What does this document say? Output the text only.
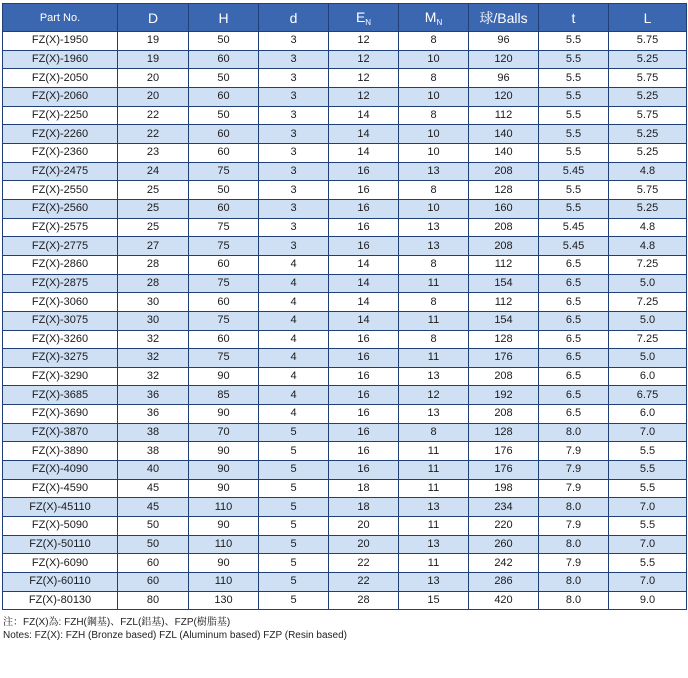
Part No.	D	H	d	$E_N$	$M_N$	球/Balls	t	L
FZ(X)-1950	19	50	3	12	8	96	5.5	5.75
FZ(X)-1960	19	60	3	12	10	120	5.5	5.25
FZ(X)-2050	20	50	3	12	8	96	5.5	5.75
FZ(X)-2060	20	60	3	12	10	120	5.5	5.25
FZ(X)-2250	22	50	3	14	8	112	5.5	5.75
FZ(X)-2260	22	60	3	14	10	140	5.5	5.25
FZ(X)-2360	23	60	3	14	10	140	5.5	5.25
FZ(X)-2475	24	75	3	16	13	208	5.45	4.8
FZ(X)-2550	25	50	3	16	8	128	5.5	5.75
FZ(X)-2560	25	60	3	16	10	160	5.5	5.25
FZ(X)-2575	25	75	3	16	13	208	5.45	4.8
FZ(X)-2775	27	75	3	16	13	208	5.45	4.8
FZ(X)-2860	28	60	4	14	8	112	6.5	7.25
FZ(X)-2875	28	75	4	14	11	154	6.5	5.0
FZ(X)-3060	30	60	4	14	8	112	6.5	7.25
FZ(X)-3075	30	75	4	14	11	154	6.5	5.0
FZ(X)-3260	32	60	4	16	8	128	6.5	7.25
FZ(X)-3275	32	75	4	16	11	176	6.5	5.0
FZ(X)-3290	32	90	4	16	13	208	6.5	6.0
FZ(X)-3685	36	85	4	16	12	192	6.5	6.75
FZ(X)-3690	36	90	4	16	13	208	6.5	6.0
FZ(X)-3870	38	70	5	16	8	128	8.0	7.0
FZ(X)-3890	38	90	5	16	11	176	7.9	5.5
FZ(X)-4090	40	90	5	16	11	176	7.9	5.5
FZ(X)-4590	45	90	5	18	11	198	7.9	5.5
FZ(X)-45110	45	110	5	18	13	234	8.0	7.0
FZ(X)-5090	50	90	5	20	11	220	7.9	5.5
FZ(X)-50110	50	110	5	20	13	260	8.0	7.0
FZ(X)-6090	60	90	5	22	11	242	7.9	5.5
FZ(X)-60110	60	110	5	22	13	286	8.0	7.0
FZ(X)-80130	80	130	5	28	15	420	8.0	9.0
注：FZ(X)為: FZH(鋼基)、FZL(鋁基)、FZP(樹脂基)
Notes: FZ(X): FZH (Bronze based) FZL (Aluminum based) FZP (Resin based)
